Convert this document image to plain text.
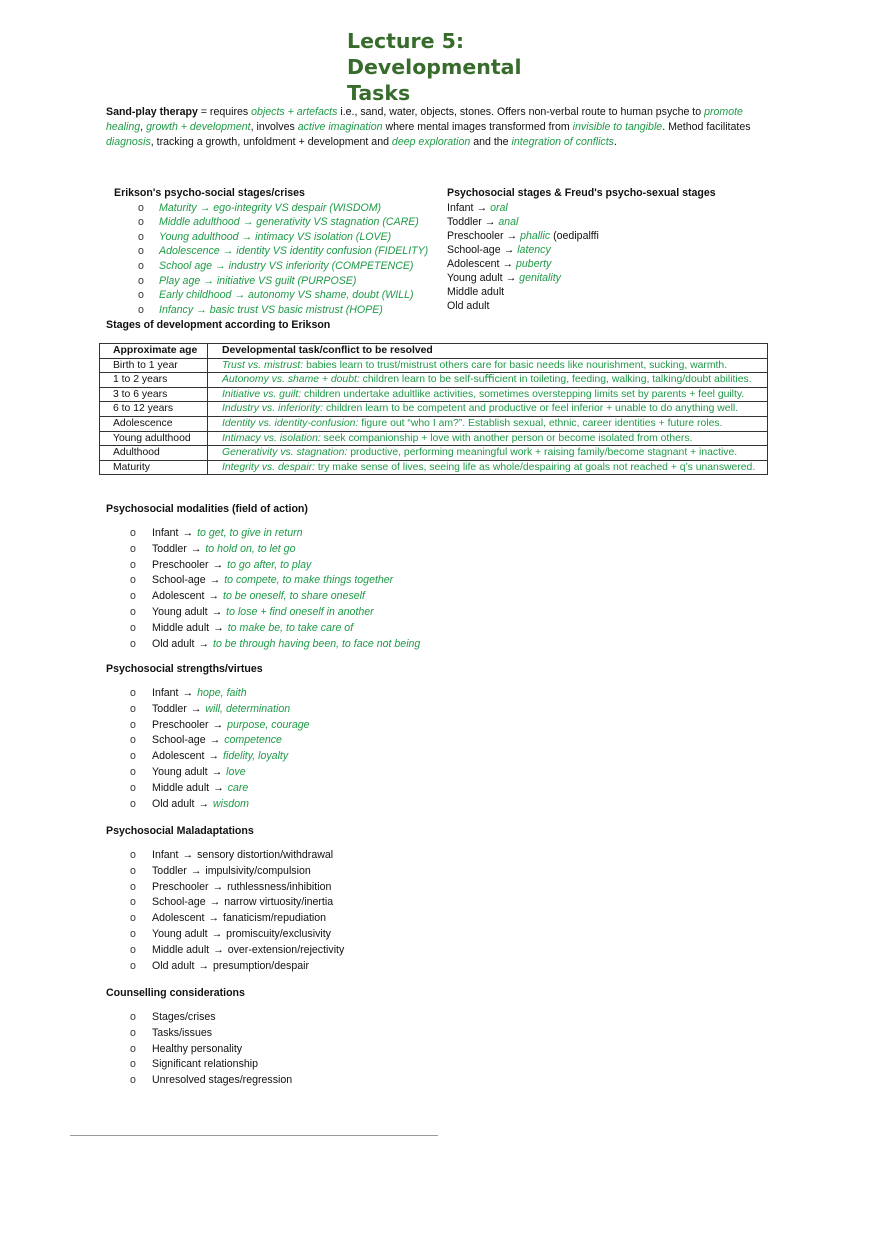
Lecture 5: Developmental Tasks
Sand-play therapy = requires objects + artefacts i.e., sand, water, objects, stones. Offers non-verbal route to human psyche to promote healing, growth + development, involves active imagination where mental images transformed from invisible to tangible. Method facilitates diagnosis, tracking a growth, unfoldment + development and deep exploration and the integration of conflicts.
Erikson's psycho-social stages/crises
o Maturity → ego-integrity VS despair (WISDOM)
o Middle adulthood → generativity VS stagnation (CARE)
o Young adulthood → intimacy VS isolation (LOVE)
o Adolescence → identity VS identity confusion (FIDELITY)
o School age → industry VS inferiority (COMPETENCE)
o Play age → initiative VS guilt (PURPOSE)
o Early childhood → autonomy VS shame, doubt (WILL)
o Infancy → basic trust VS basic mistrust (HOPE)
Psychosocial stages & Freud's psycho-sexual stages
Infant → oral
Toddler → anal
Preschooler → phallic (oedipalffi
School-age → latency
Adolescent → puberty
Young adult → genitality
Middle adult
Old adult
Stages of development according to Erikson
Approximate age	Developmental task/conflict to be resolved
Birth to 1 year	Trust vs. mistrust: babies learn to trust/mistrust others care for basic needs like nourishment, sucking, warmth.
1 to 2 years	Autonomy vs. shame + doubt: children learn to be self-suﬃcient in toileting, feeding, walking, talking/doubt abilities.
3 to 6 years	Initiative vs. guilt: children undertake adultlike activities, sometimes overstepping limits set by parents + feel guilty.
6 to 12 years	Industry vs. inferiority: children learn to be competent and productive or feel inferior + unable to do anything well.
Adolescence	Identity vs. identity-confusion: figure out “who I am?”. Establish sexual, ethnic, career identities + future roles.
Young adulthood	Intimacy vs. isolation: seek companionship + love with another person or become isolated from others.
Adulthood	Generativity vs. stagnation: productive, performing meaningful work + raising family/become stagnant + inactive.
Maturity	Integrity vs. despair: try make sense of lives, seeing life as whole/despairing at goals not reached + q’s unanswered.
Psychosocial modalities (field of action)
o Infant → to get, to give in return
o Toddler → to hold on, to let go
o Preschooler → to go after, to play
o School-age → to compete, to make things together
o Adolescent → to be oneself, to share oneself
o Young adult → to lose + find oneself in another
o Middle adult → to make be, to take care of
o Old adult → to be through having been, to face not being
Psychosocial strengths/virtues
o Infant → hope, faith
o Toddler → will, determination
o Preschooler → purpose, courage
o School-age → competence
o Adolescent → fidelity, loyalty
o Young adult → love
o Middle adult → care
o Old adult → wisdom
Psychosocial Maladaptations
o Infant → sensory distortion/withdrawal
o Toddler → impulsivity/compulsion
o Preschooler → ruthlessness/inhibition
o School-age → narrow virtuosity/inertia
o Adolescent → fanaticism/repudiation
o Young adult → promiscuity/exclusivity
o Middle adult → over-extension/rejectivity
o Old adult → presumption/despair
Counselling considerations
o Stages/crises
o Tasks/issues
o Healthy personality
o Significant relationship
o Unresolved stages/regression
